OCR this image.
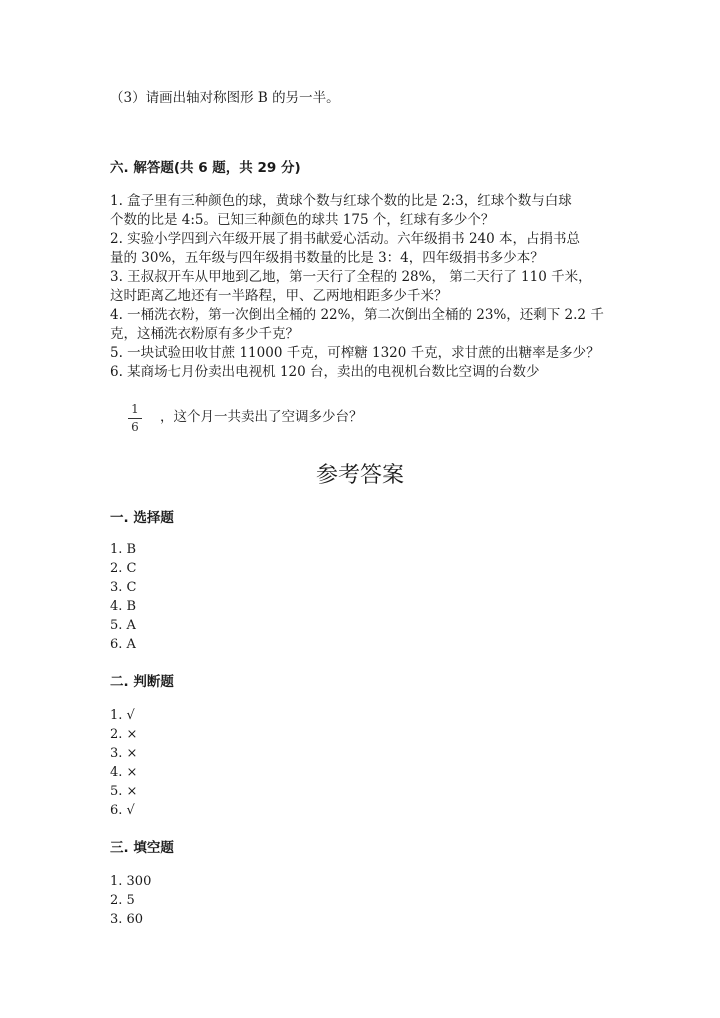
（3）请画出轴对称图形 B 的另一半。
六. 解答题(共 6 题，共 29 分)
1. 盒子里有三种颜色的球，黄球个数与红球个数的比是 2:3，红球个数与白球
个数的比是 4:5。已知三种颜色的球共 175 个，红球有多少个？
2. 实验小学四到六年级开展了捐书献爱心活动。六年级捐书 240 本，占捐书总
量的 30%，五年级与四年级捐书数量的比是 3：4，四年级捐书多少本？
3. 王叔叔开车从甲地到乙地，第一天行了全程的 28%， 第二天行了 110 千米，
这时距离乙地还有一半路程，甲、乙两地相距多少千米？
4. 一桶洗衣粉，第一次倒出全桶的 22%，第二次倒出全桶的 23%，还剩下 2.2 千
克，这桶洗衣粉原有多少千克？
5. 一块试验田收甘蔗 11000 千克，可榨糖 1320 千克，求甘蔗的出糖率是多少？
6. 某商场七月份卖出电视机 120 台，卖出的电视机台数比空调的台数少
1
6
，这个月一共卖出了空调多少台？
参考答案
一. 选择题
1. B
2. C
3. C
4. B
5. A
6. A
二. 判断题
1. √
2. ×
3. ×
4. ×
5. ×
6. √
三. 填空题
1. 300
2. 5
3. 60
